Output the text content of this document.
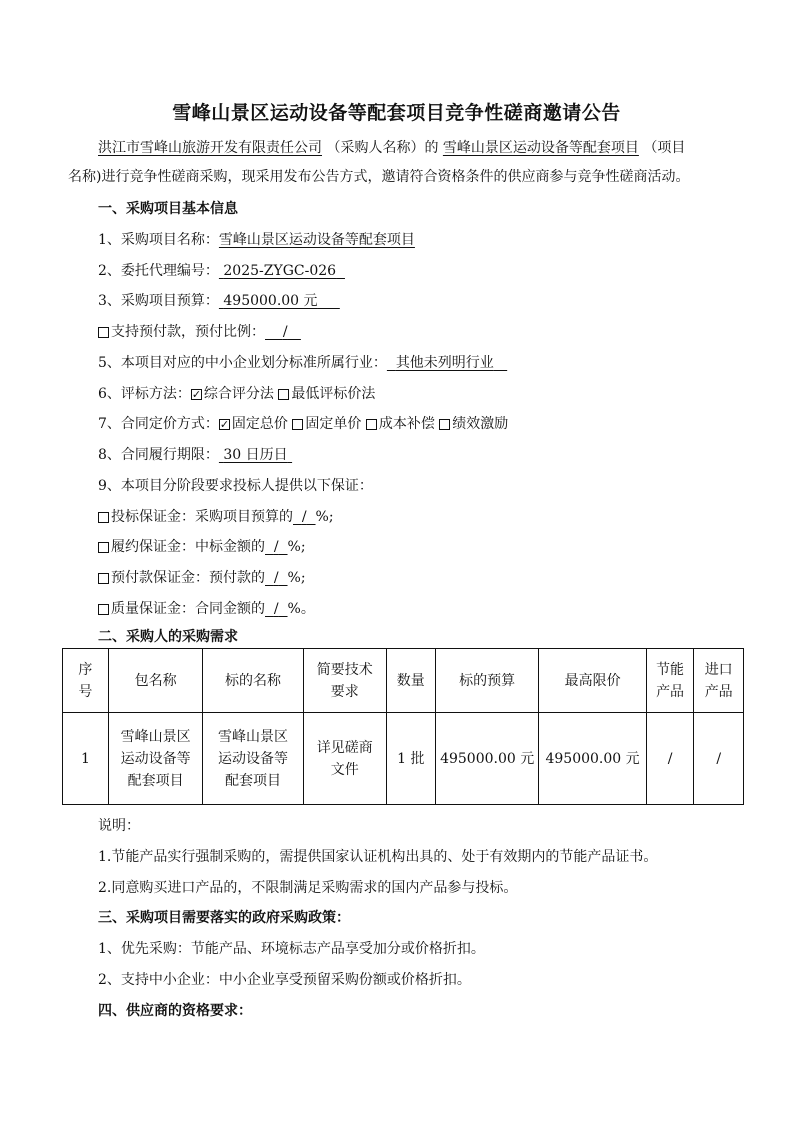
雪峰山景区运动设备等配套项目竞争性磋商邀请公告
洪江市雪峰山旅游开发有限责任公司 （采购人名称）的 雪峰山景区运动设备等配套项目 （项目
名称)进行竞争性磋商采购，现采用发布公告方式，邀请符合资格条件的供应商参与竞争性磋商活动。
一、采购项目基本信息
1、采购项目名称：雪峰山景区运动设备等配套项目
2、委托代理编号： 2025-ZYGC-026
3、采购项目预算： 495000.00 元
支持预付款，预付比例： /
5、本项目对应的中小企业划分标准所属行业： 其他未列明行业
6、评标方法： ✓ 综合评分法 最低评标价法
7、合同定价方式： ✓ 固定总价 固定单价 成本补偿 绩效激励
8、合同履行期限： 30 日历日
9、本项目分阶段要求投标人提供以下保证：
投标保证金：采购项目预算的 / %;
履约保证金：中标金额的 / %;
预付款保证金：预付款的 / %;
质量保证金：合同金额的 / %。
二、采购人的采购需求
序号	包名称	标的名称	简要技术要求	数量	标的预算	最高限价	节能产品	进口产品
1	雪峰山景区运动设备等配套项目	雪峰山景区运动设备等配套项目	详见磋商文件	1 批	495000.00 元	495000.00 元	/	/
说明：
1.节能产品实行强制采购的，需提供国家认证机构出具的、处于有效期内的节能产品证书。
2.同意购买进口产品的，不限制满足采购需求的国内产品参与投标。
三、采购项目需要落实的政府采购政策：
1、优先采购：节能产品、环境标志产品享受加分或价格折扣。
2、支持中小企业：中小企业享受预留采购份额或价格折扣。
四、供应商的资格要求：
